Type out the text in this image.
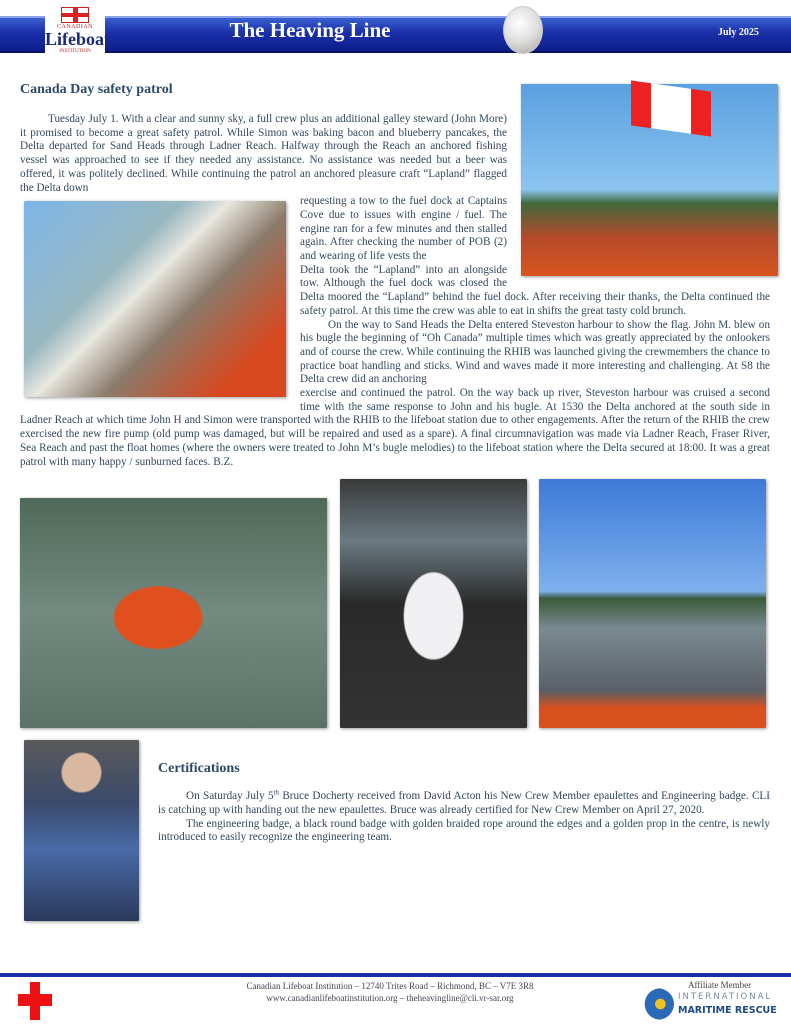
CANADIAN
Lifeboat
INSTITUTION
The Heaving Line	July 2025
Canada Day safety patrol
Tuesday July 1. With a clear and sunny sky, a full crew plus an additional galley steward (John More) it promised to become a great safety patrol. While Simon was baking bacon and blueberry pancakes, the Delta departed for Sand Heads through Ladner Reach. Halfway through the Reach an anchored fishing vessel was approached to see if they needed any assistance. No assistance was needed but a beer was offered, it was politely declined. While continuing the patrol an anchored pleasure craft “Lapland” flagged the Delta down
requesting a tow to the fuel dock at Captains Cove due to issues with engine / fuel. The engine ran for a few minutes and then stalled again. After checking the number of POB (2) and wearing of life vests the
Delta took the “Lapland” into an alongside tow. Although the fuel dock was closed the Delta moored the “Lapland” behind the fuel dock. After receiving their thanks, the Delta continued the safety patrol. At this time the crew was able to eat in shifts the great tasty cold brunch.
On the way to Sand Heads the Delta entered Steveston harbour to show the flag. John M. blew on his bugle the beginning of “Oh Canada” multiple times which was greatly appreciated by the onlookers and of course the crew. While continuing the RHIB was launched giving the crewmembers the chance to practice boat handling and sticks. Wind and waves made it more interesting and challenging. At S8 the Delta crew did an anchoring
exercise and continued the patrol. On the way back up river, Steveston harbour was cruised a second time with the same response to John and his bugle. At 1530 the Delta anchored at the south side in Ladner Reach at which time John H and Simon were transported with the RHIB to the lifeboat station due to other engagements. After the return of the RHIB the crew exercised the new fire pump (old pump was damaged, but will be repaired and used as a spare). A final circumnavigation was made via Ladner Reach, Fraser River, Sea Reach and past the float homes (where the owners were treated to John M’s bugle melodies) to the lifeboat station where the Delta secured at 18:00. It was a great patrol with many happy / sunburned faces. B.Z.
Certifications
On Saturday July 5th Bruce Docherty received from David Acton his New Crew Member epaulettes and Engineering badge. CLI is catching up with handing out the new epaulettes. Bruce was already certified for New Crew Member on April 27, 2020.
The engineering badge, a black round badge with golden braided rope around the edges and a golden prop in the centre, is newly introduced to easily recognize the engineering team.
Canadian Lifeboat Institution – 12740 Trites Road – Richmond, BC – V7E 3R8
www.canadianlifeboatinstitution.org – theheavingline@cli.vr-sar.org
Affiliate Member
INTERNATIONAL
MARITIME RESCUE
